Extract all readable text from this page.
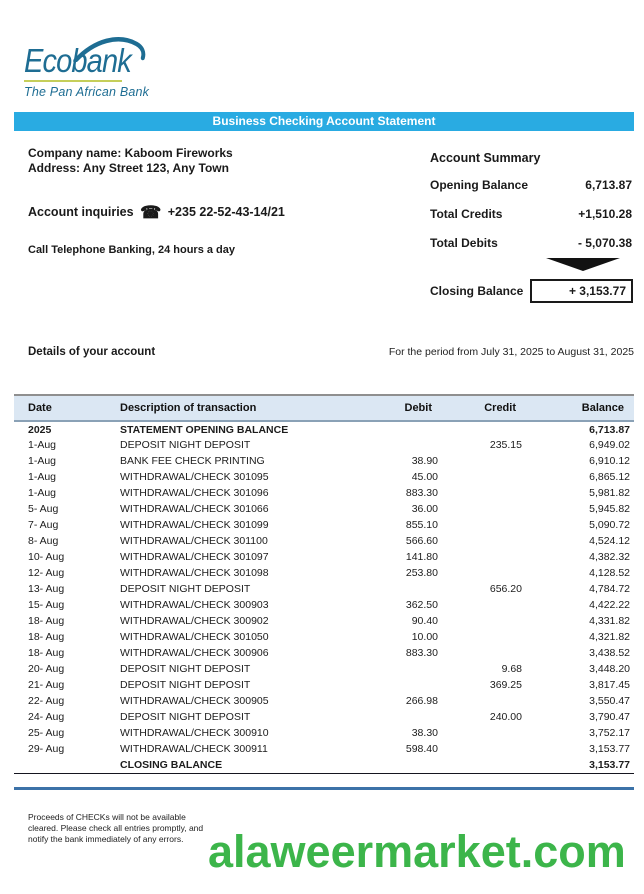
Ecobank
The Pan African Bank
Business Checking Account Statement
Company name: Kaboom Fireworks
Address: Any Street 123, Any Town
Account inquiries ☎ +235 22-52-43-14/21
Call Telephone Banking, 24 hours a day
Account Summary
Opening Balance	6,713.87
Total Credits	+1,510.28
Total Debits	- 5,070.38
Closing Balance	+ 3,153.77
Details of your account	For the period from July 31, 2025 to August 31, 2025
Date	Description of transaction	Debit	Credit	Balance
2025	STATEMENT OPENING BALANCE			6,713.87
1-Aug	DEPOSIT NIGHT DEPOSIT		235.15	6,949.02
1-Aug	BANK FEE CHECK PRINTING	38.90		6,910.12
1-Aug	WITHDRAWAL/CHECK 301095	45.00		6,865.12
1-Aug	WITHDRAWAL/CHECK 301096	883.30		5,981.82
5- Aug	WITHDRAWAL/CHECK 301066	36.00		5,945.82
7- Aug	WITHDRAWAL/CHECK 301099	855.10		5,090.72
8- Aug	WITHDRAWAL/CHECK 301100	566.60		4,524.12
10- Aug	WITHDRAWAL/CHECK 301097	141.80		4,382.32
12- Aug	WITHDRAWAL/CHECK 301098	253.80		4,128.52
13- Aug	DEPOSIT NIGHT DEPOSIT		656.20	4,784.72
15- Aug	WITHDRAWAL/CHECK 300903	362.50		4,422.22
18- Aug	WITHDRAWAL/CHECK 300902	90.40		4,331.82
18- Aug	WITHDRAWAL/CHECK 301050	10.00		4,321.82
18- Aug	WITHDRAWAL/CHECK 300906	883.30		3,438.52
20- Aug	DEPOSIT NIGHT DEPOSIT		9.68	3,448.20
21- Aug	DEPOSIT NIGHT DEPOSIT		369.25	3,817.45
22- Aug	WITHDRAWAL/CHECK 300905	266.98		3,550.47
24- Aug	DEPOSIT NIGHT DEPOSIT		240.00	3,790.47
25- Aug	WITHDRAWAL/CHECK 300910	38.30		3,752.17
29- Aug	WITHDRAWAL/CHECK 300911	598.40		3,153.77
	CLOSING BALANCE			3,153.77
Proceeds of CHECKs will not be available
cleared. Please check all entries promptly, and
notify the bank immediately of any errors. alaweermarket.com
